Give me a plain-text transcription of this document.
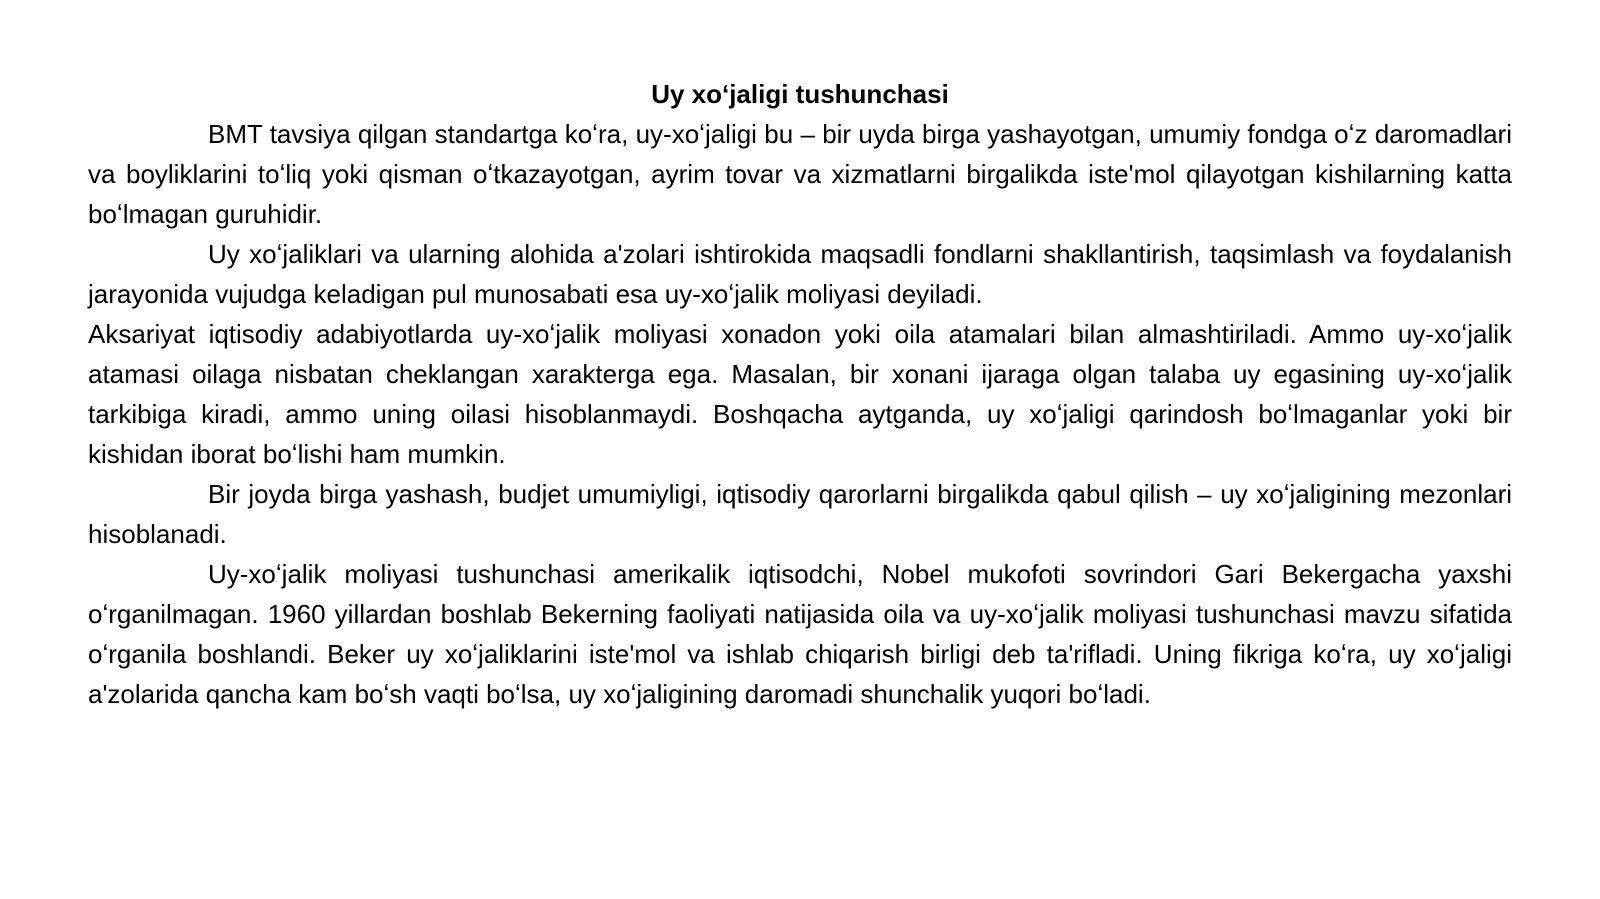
Uy xoʻjaligi tushunchasi

BMT tavsiya qilgan standartga koʻra, uy-xoʻjaligi bu – bir uyda birga yashayotgan, umumiy fondga oʻz daromadlari va boyliklarini toʻliq yoki qisman oʻtkazayotgan, ayrim tovar va xizmatlarni birgalikda iste'mol qilayotgan kishilarning katta boʻlmagan guruhidir.

Uy xoʻjaliklari va ularning alohida a'zolari ishtirokida maqsadli fondlarni shakllantirish, taqsimlash va foydalanish jarayonida vujudga keladigan pul munosabati esa uy-xoʻjalik moliyasi deyiladi.

Aksariyat iqtisodiy adabiyotlarda uy-xoʻjalik moliyasi xonadon yoki oila atamalari bilan almashtiriladi. Ammo uy-xoʻjalik atamasi oilaga nisbatan cheklangan xarakterga ega. Masalan, bir xonani ijaraga olgan talaba uy egasining uy-xoʻjalik tarkibiga kiradi, ammo uning oilasi hisoblanmaydi. Boshqacha aytganda, uy xoʻjaligi qarindosh boʻlmaganlar yoki bir kishidan iborat boʻlishi ham mumkin.

Bir joyda birga yashash, budjet umumiyligi, iqtisodiy qarorlarni birgalikda qabul qilish – uy xoʻjaligining mezonlari hisoblanadi.

Uy-xoʻjalik moliyasi tushunchasi amerikalik iqtisodchi, Nobel mukofoti sovrindori Gari Bekergacha yaxshi oʻrganilmagan. 1960 yillardan boshlab Bekerning faoliyati natijasida oila va uy-xoʻjalik moliyasi tushunchasi mavzu sifatida oʻrganila boshlandi. Beker uy xoʻjaliklarini iste'mol va ishlab chiqarish birligi deb ta'rifladi. Uning fikriga koʻra, uy xoʻjaligi a'zolarida qancha kam boʻsh vaqti boʻlsa, uy xoʻjaligining daromadi shunchalik yuqori boʻladi.
